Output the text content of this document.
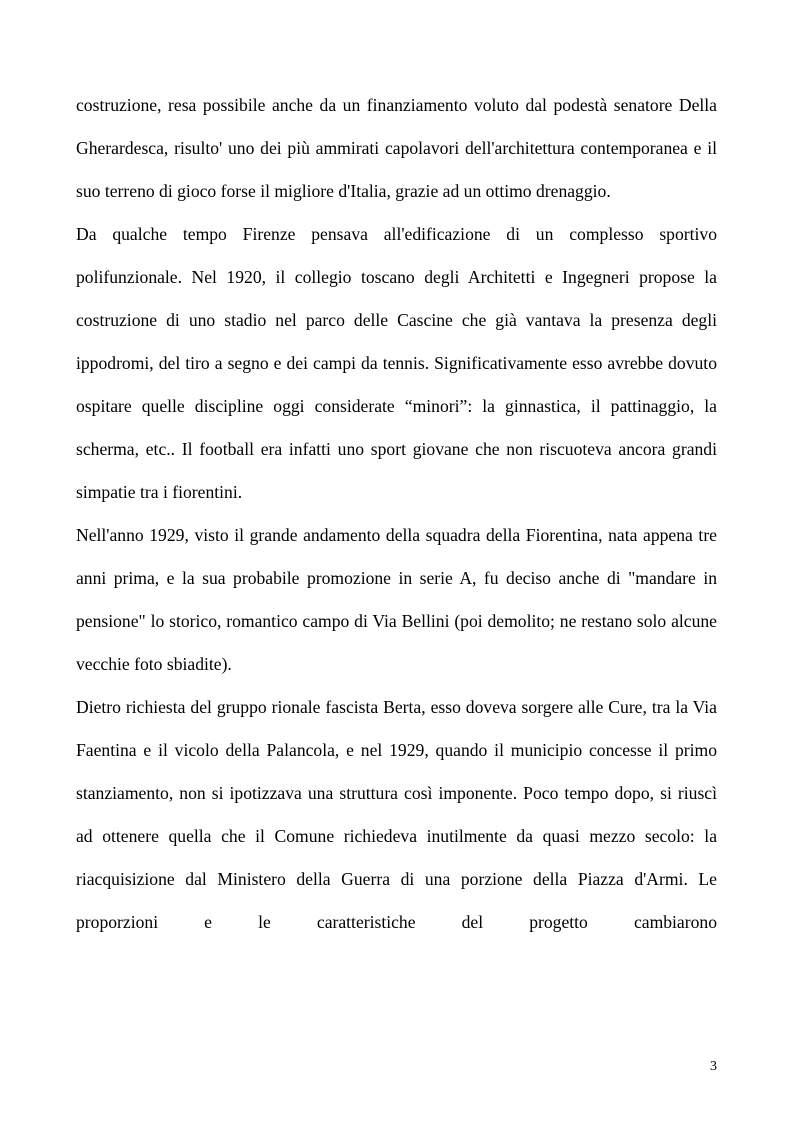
costruzione, resa possibile anche da un finanziamento voluto dal podestà senatore Della Gherardesca, risulto' uno dei più ammirati capolavori dell'architettura contemporanea e il suo terreno di gioco forse il migliore d'Italia, grazie ad un ottimo drenaggio.

Da qualche tempo Firenze pensava all'edificazione di un complesso sportivo polifunzionale. Nel 1920, il collegio toscano degli Architetti e Ingegneri propose la costruzione di uno stadio nel parco delle Cascine che già vantava la presenza degli ippodromi, del tiro a segno e dei campi da tennis. Significativamente esso avrebbe dovuto ospitare quelle discipline oggi considerate “minori”: la ginnastica, il pattinaggio, la scherma, etc.. Il football era infatti uno sport giovane che non riscuoteva ancora grandi simpatie tra i fiorentini.

Nell'anno 1929, visto il grande andamento della squadra della Fiorentina, nata appena tre anni prima, e la sua probabile promozione in serie A, fu deciso anche di "mandare in pensione" lo storico, romantico campo di Via Bellini (poi demolito; ne restano solo alcune vecchie foto sbiadite).

Dietro richiesta del gruppo rionale fascista Berta, esso doveva sorgere alle Cure, tra la Via Faentina e il vicolo della Palancola, e nel 1929, quando il municipio concesse il primo stanziamento, non si ipotizzava una struttura così imponente. Poco tempo dopo, si riuscì ad ottenere quella che il Comune richiedeva inutilmente da quasi mezzo secolo: la riacquisizione dal Ministero della Guerra di una porzione della Piazza d'Armi. Le proporzioni e le caratteristiche del progetto cambiarono

3
